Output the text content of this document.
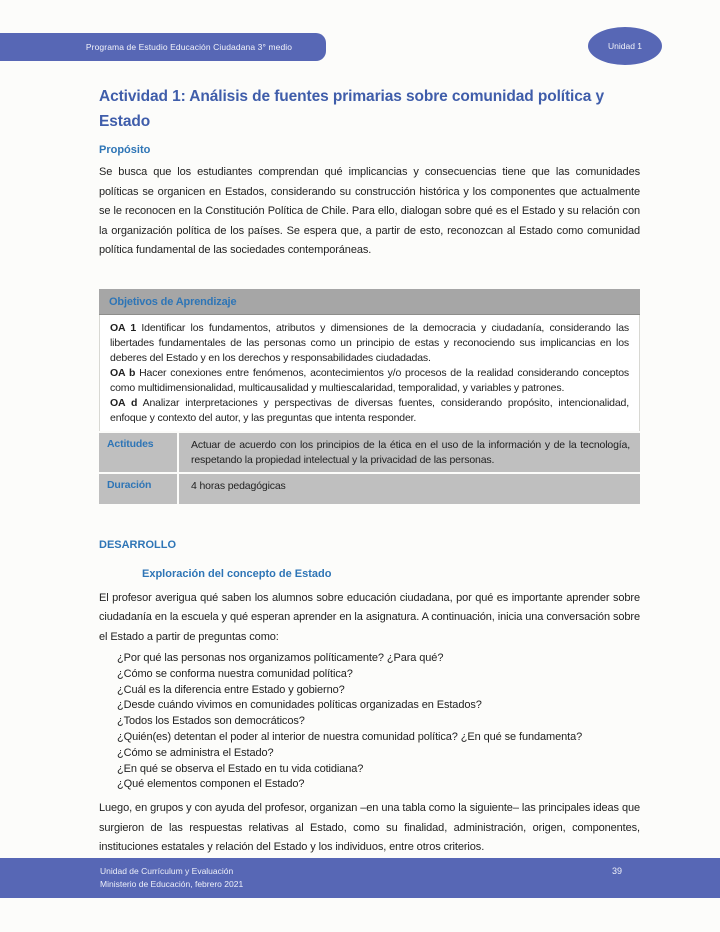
Programa de Estudio Educación Ciudadana 3° medio	Unidad 1
Actividad 1: Análisis de fuentes primarias sobre comunidad política y Estado
Propósito

Se busca que los estudiantes comprendan qué implicancias y consecuencias tiene que las comunidades políticas se organicen en Estados, considerando su construcción histórica y los componentes que actualmente se le reconocen en la Constitución Política de Chile. Para ello, dialogan sobre qué es el Estado y su relación con la organización política de los países. Se espera que, a partir de esto, reconozcan al Estado como comunidad política fundamental de las sociedades contemporáneas.

Objetivos de Aprendizaje

OA 1 Identificar los fundamentos, atributos y dimensiones de la democracia y ciudadanía, considerando las libertades fundamentales de las personas como un principio de estas y reconociendo sus implicancias en los deberes del Estado y en los derechos y responsabilidades ciudadadas.

OA b Hacer conexiones entre fenómenos, acontecimientos y/o procesos de la realidad considerando conceptos como multidimensionalidad, multicausalidad y multiescalaridad, temporalidad, y variables y patrones.

OA d Analizar interpretaciones y perspectivas de diversas fuentes, considerando propósito, intencionalidad, enfoque y contexto del autor, y las preguntas que intenta responder.

Actitudes	Actuar de acuerdo con los principios de la ética en el uso de la información y de la tecnología, respetando la propiedad intelectual y la privacidad de las personas.
Duración	4 horas pedagógicas
DESARROLLO
Exploración del concepto de Estado

El profesor averigua qué saben los alumnos sobre educación ciudadana, por qué es importante aprender sobre ciudadanía en la escuela y qué esperan aprender en la asignatura. A continuación, inicia una conversación sobre el Estado a partir de preguntas como:

¿Por qué las personas nos organizamos políticamente? ¿Para qué?
¿Cómo se conforma nuestra comunidad política?
¿Cuál es la diferencia entre Estado y gobierno?
¿Desde cuándo vivimos en comunidades políticas organizadas en Estados?
¿Todos los Estados son democráticos?
¿Quién(es) detentan el poder al interior de nuestra comunidad política? ¿En qué se fundamenta?
¿Cómo se administra el Estado?
¿En qué se observa el Estado en tu vida cotidiana?
¿Qué elementos componen el Estado?

Luego, en grupos y con ayuda del profesor, organizan –en una tabla como la siguiente– las principales ideas que surgieron de las respuestas relativas al Estado, como su finalidad, administración, origen, componentes, instituciones estatales y relación del Estado y los individuos, entre otros criterios.

Unidad de Currículum y Evaluación
Ministerio de Educación, febrero 2021
39
